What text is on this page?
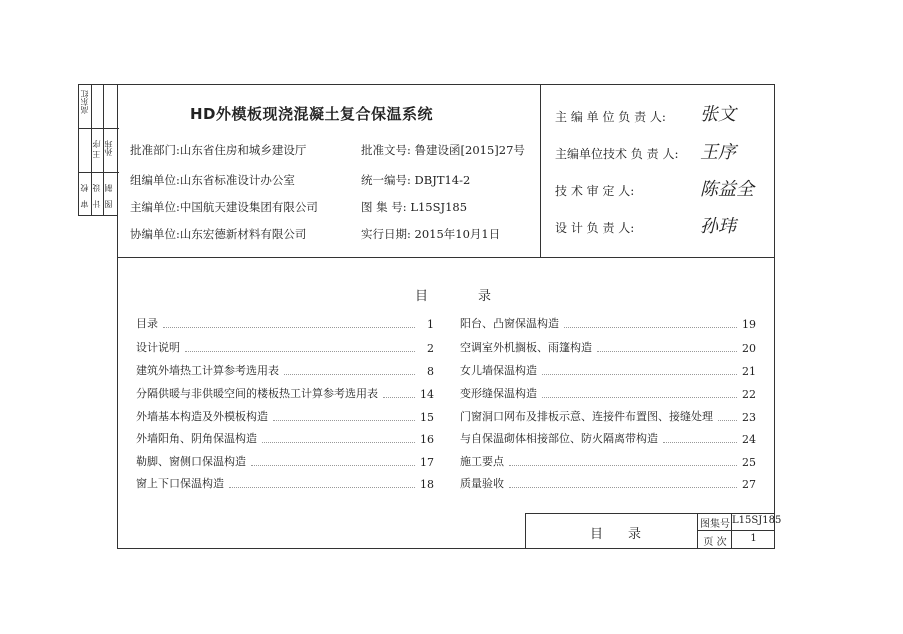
高东红
王 序 孙玮
校
审
设
计
制
图
HD外模板现浇混凝土复合保温系统
批准部门:山东省住房和城乡建设厅	批准文号: 鲁建设函[2015]27号
组编单位:山东省标准设计办公室	统一编号: DBJT14-2
主编单位:中国航天建设集团有限公司	图 集 号: L15SJ185
协编单位:山东宏德新材料有限公司	实行日期: 2015年10月1日
主 编 单 位 负 责 人: 张文
主编单位技术 负 责 人: 王序
技 术 审 定 人:	陈益全
设 计 负 责 人:	孙玮
目	录
目录	1
设计说明	2
建筑外墙热工计算参考选用表	8
分隔供暖与非供暖空间的楼板热工计算参考选用表	14
外墙基本构造及外模板构造	15
外墙阳角、阴角保温构造	16
勒脚、窗侧口保温构造	17
窗上下口保温构造	18
阳台、凸窗保温构造	19
空调室外机搁板、雨篷构造	20
女儿墙保温构造	21
变形缝保温构造	22
门窗洞口网布及排板示意、连接件布置图、接缝处理	23
与自保温砌体相接部位、防火隔离带构造	24
施工要点	25
质量验收	27
目 录
图集号 L15SJ185
页 次	1
